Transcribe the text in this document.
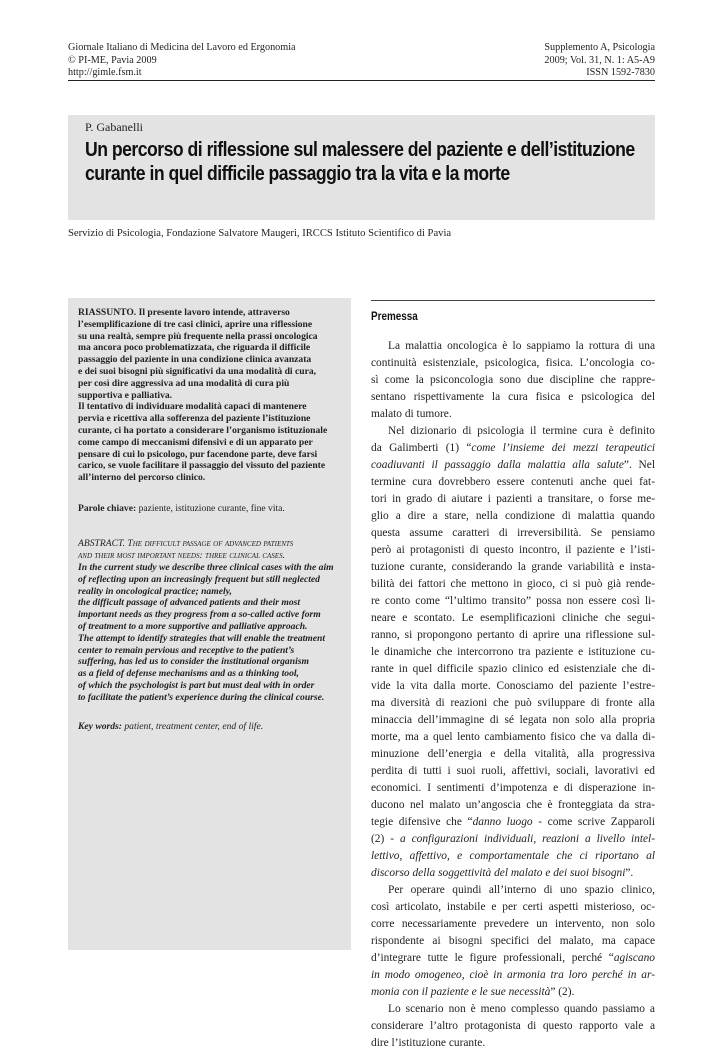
Giornale Italiano di Medicina del Lavoro ed Ergonomia
© PI-ME, Pavia 2009
http://gimle.fsm.it
Supplemento A, Psicologia
2009; Vol. 31, N. 1: A5-A9
ISSN 1592-7830
P. Gabanelli
Un percorso di riflessione sul malessere del paziente e dell’istituzione
curante in quel difficile passaggio tra la vita e la morte
Servizio di Psicologia, Fondazione Salvatore Maugeri, IRCCS Istituto Scientifico di Pavia
RIASSUNTO. Il presente lavoro intende, attraverso
l’esemplificazione di tre casi clinici, aprire una riflessione
su una realtà, sempre più frequente nella prassi oncologica
ma ancora poco problematizzata, che riguarda il difficile
passaggio del paziente in una condizione clinica avanzata
e dei suoi bisogni più significativi da una modalità di cura,
per così dire aggressiva ad una modalità di cura più
supportiva e palliativa.
Il tentativo di individuare modalità capaci di mantenere
pervia e ricettiva alla sofferenza del paziente l’istituzione
curante, ci ha portato a considerare l’organismo istituzionale
come campo di meccanismi difensivi e di un apparato per
pensare di cui lo psicologo, pur facendone parte, deve farsi
carico, se vuole facilitare il passaggio del vissuto del paziente
all’interno del percorso clinico.
Parole chiave: paziente, istituzione curante, fine vita.
ABSTRACT. The difficult passage of advanced patients
and their most important needs: three clinical cases.
In the current study we describe three clinical cases with the aim
of reflecting upon an increasingly frequent but still neglected
reality in oncological practice; namely,
the difficult passage of advanced patients and their most
important needs as they progress from a so-called active form
of treatment to a more supportive and palliative approach.
The attempt to identify strategies that will enable the treatment
center to remain pervious and receptive to the patient’s
suffering, has led us to consider the institutional organism
as a field of defense mechanisms and as a thinking tool,
of which the psychologist is part but must deal with in order
to facilitate the patient’s experience during the clinical course.
Key words: patient, treatment center, end of life.
Premessa
La malattia oncologica è lo sappiamo la rottura di una
continuità esistenziale, psicologica, fisica. L’oncologia co-
sì come la psiconcologia sono due discipline che rappre-
sentano rispettivamente la cura fisica e psicologica del
malato di tumore.
Nel dizionario di psicologia il termine cura è definito
da Galimberti (1) “come l’insieme dei mezzi terapeutici
coadiuvanti il passaggio dalla malattia alla salute”. Nel
termine cura dovrebbero essere contenuti anche quei fat-
tori in grado di aiutare i pazienti a transitare, o forse me-
glio a dire a stare, nella condizione di malattia quando
questa assume caratteri di irreversibilità. Se pensiamo
però ai protagonisti di questo incontro, il paziente e l’isti-
tuzione curante, considerando la grande variabilità e insta-
bilità dei fattori che mettono in gioco, ci si può già rende-
re conto come “l’ultimo transito” possa non essere così li-
neare e scontato. Le esemplificazioni cliniche che segui-
ranno, si propongono pertanto di aprire una riflessione sul-
le dinamiche che intercorrono tra paziente e istituzione cu-
rante in quel difficile spazio clinico ed esistenziale che di-
vide la vita dalla morte. Conosciamo del paziente l’estre-
ma diversità di reazioni che può sviluppare di fronte alla
minaccia dell’immagine di sé legata non solo alla propria
morte, ma a quel lento cambiamento fisico che va dalla di-
minuzione dell’energia e della vitalità, alla progressiva
perdita di tutti i suoi ruoli, affettivi, sociali, lavorativi ed
economici. I sentimenti d’impotenza e di disperazione in-
ducono nel malato un’angoscia che è fronteggiata da stra-
tegie difensive che “danno luogo - come scrive Zapparoli
(2) - a configurazioni individuali, reazioni a livello intel-
lettivo, affettivo, e comportamentale che ci riportano al
discorso della soggettività del malato e dei suoi bisogni”.
Per operare quindi all’interno di uno spazio clinico,
così articolato, instabile e per certi aspetti misterioso, oc-
corre necessariamente prevedere un intervento, non solo
rispondente ai bisogni specifici del malato, ma capace
d’integrare tutte le figure professionali, perché “agiscano
in modo omogeneo, cioè in armonia tra loro perché in ar-
monia con il paziente e le sue necessità” (2).
Lo scenario non è meno complesso quando passiamo a
considerare l’altro protagonista di questo rapporto vale a
dire l’istituzione curante.
